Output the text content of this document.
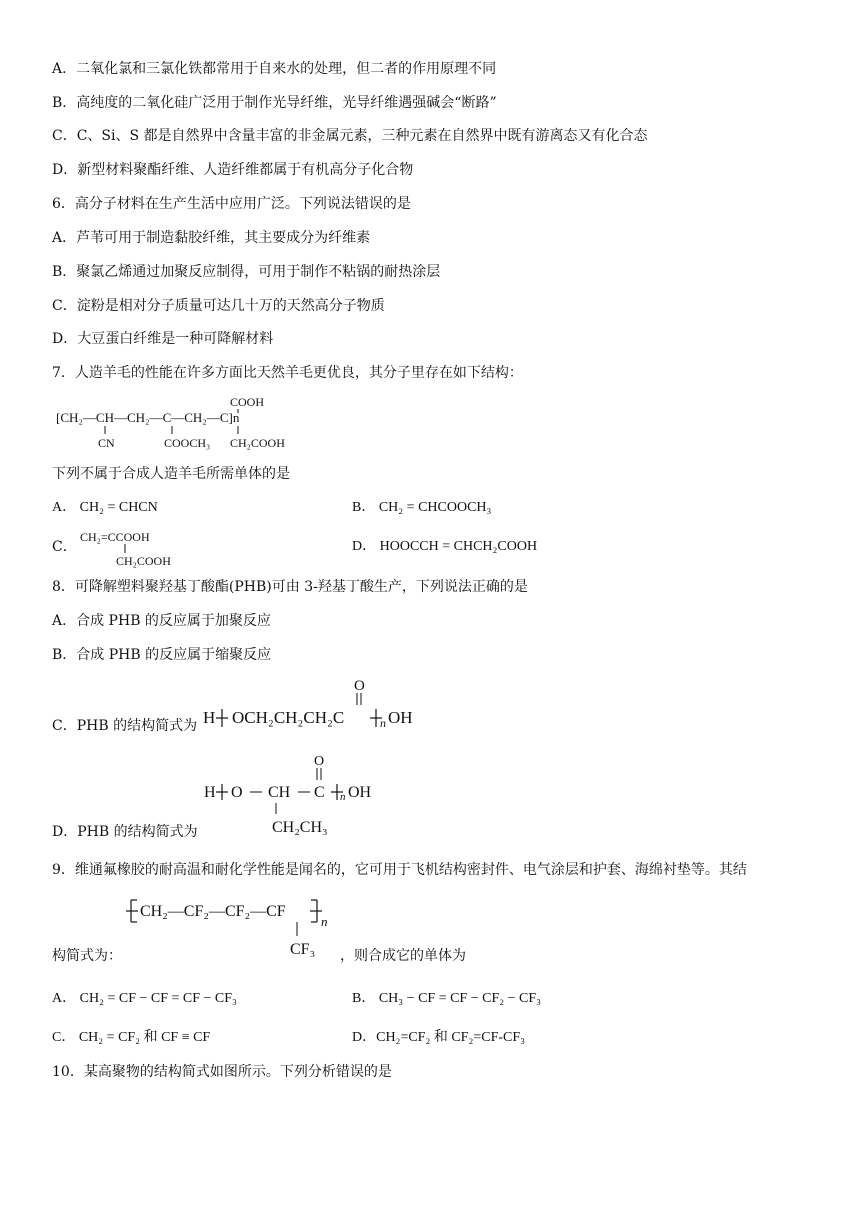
A．二氧化氯和三氯化铁都常用于自来水的处理，但二者的作用原理不同
B．高纯度的二氧化硅广泛用于制作光导纤维，光导纤维遇强碱会“断路”
C．C、Si、S 都是自然界中含量丰富的非金属元素，三种元素在自然界中既有游离态又有化合态
D．新型材料聚酯纤维、人造纤维都属于有机高分子化合物
6．高分子材料在生产生活中应用广泛。下列说法错误的是
A．芦苇可用于制造黏胶纤维，其主要成分为纤维素
B．聚氯乙烯通过加聚反应制得，可用于制作不粘锅的耐热涂层
C．淀粉是相对分子质量可达几十万的天然高分子物质
D．大豆蛋白纤维是一种可降解材料
7．人造羊毛的性能在许多方面比天然羊毛更优良，其分子里存在如下结构：
[CH₂—CH—CH₂—C—CH₂—C]n
COOH
CN	COOCH₃ CH₂COOH
下列不属于合成人造羊毛所需单体的是
A． CH₂ = CHCN	B． CH₂ = CHCOOCH₃
C．
CH₂=CCOOH
CH₂COOH
D． HOOCCH = CHCH₂COOH
8．可降解塑料聚羟基丁酸酯(PHB)可由 3-羟基丁酸生产，下列说法正确的是
A．合成 PHB 的反应属于加聚反应
B．合成 PHB 的反应属于缩聚反应
C．PHB 的结构简式为 H OCH₂CH₂CH₂C
O
n OH
D．PHB 的结构简式为
H O CH C
O
n OH
CH₂CH₃
9．维通氟橡胶的耐高温和耐化学性能是闻名的，它可用于飞机结构密封件、电气涂层和护套、海绵衬垫等。其结
构简式为：
CH₂—CF₂—CF₂—CF
n
CF₃ ，则合成它的单体为
A． CH₂ = CF − CF = CF − CF₃	B． CH₃ − CF = CF − CF₂ − CF₃
C． CH₂ = CF₂ 和 CF ≡ CF	D．CH₂=CF₂ 和 CF₂=CF-CF₃
10．某高聚物的结构简式如图所示。下列分析错误的是
